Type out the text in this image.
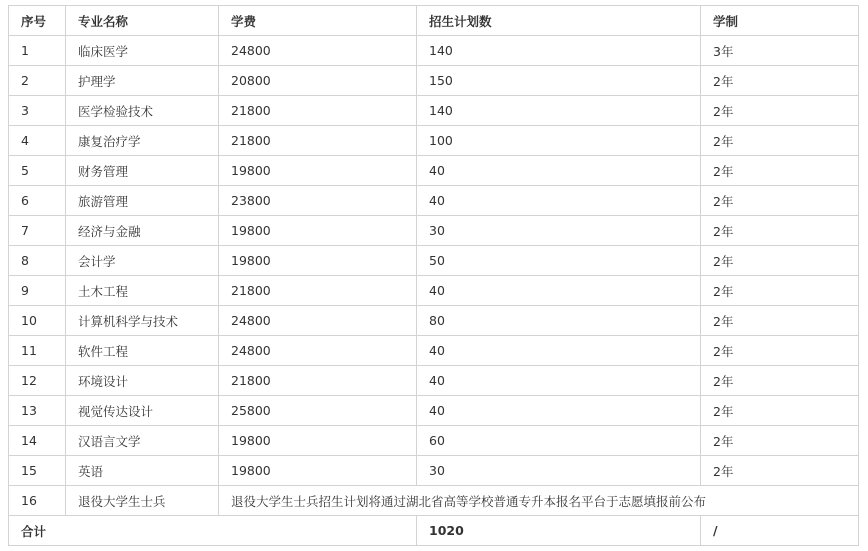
序号	专业名称	学费	招生计划数	学制
1	临床医学	24800	140	3年
2	护理学	20800	150	2年
3	医学检验技术	21800	140	2年
4	康复治疗学	21800	100	2年
5	财务管理	19800	40	2年
6	旅游管理	23800	40	2年
7	经济与金融	19800	30	2年
8	会计学	19800	50	2年
9	土木工程	21800	40	2年
10	计算机科学与技术	24800	80	2年
11	软件工程	24800	40	2年
12	环境设计	21800	40	2年
13	视觉传达设计	25800	40	2年
14	汉语言文学	19800	60	2年
15	英语	19800	30	2年
16	退役大学生士兵	退役大学生士兵招生计划将通过湖北省高等学校普通专升本报名平台于志愿填报前公布		
合计			1020	/
